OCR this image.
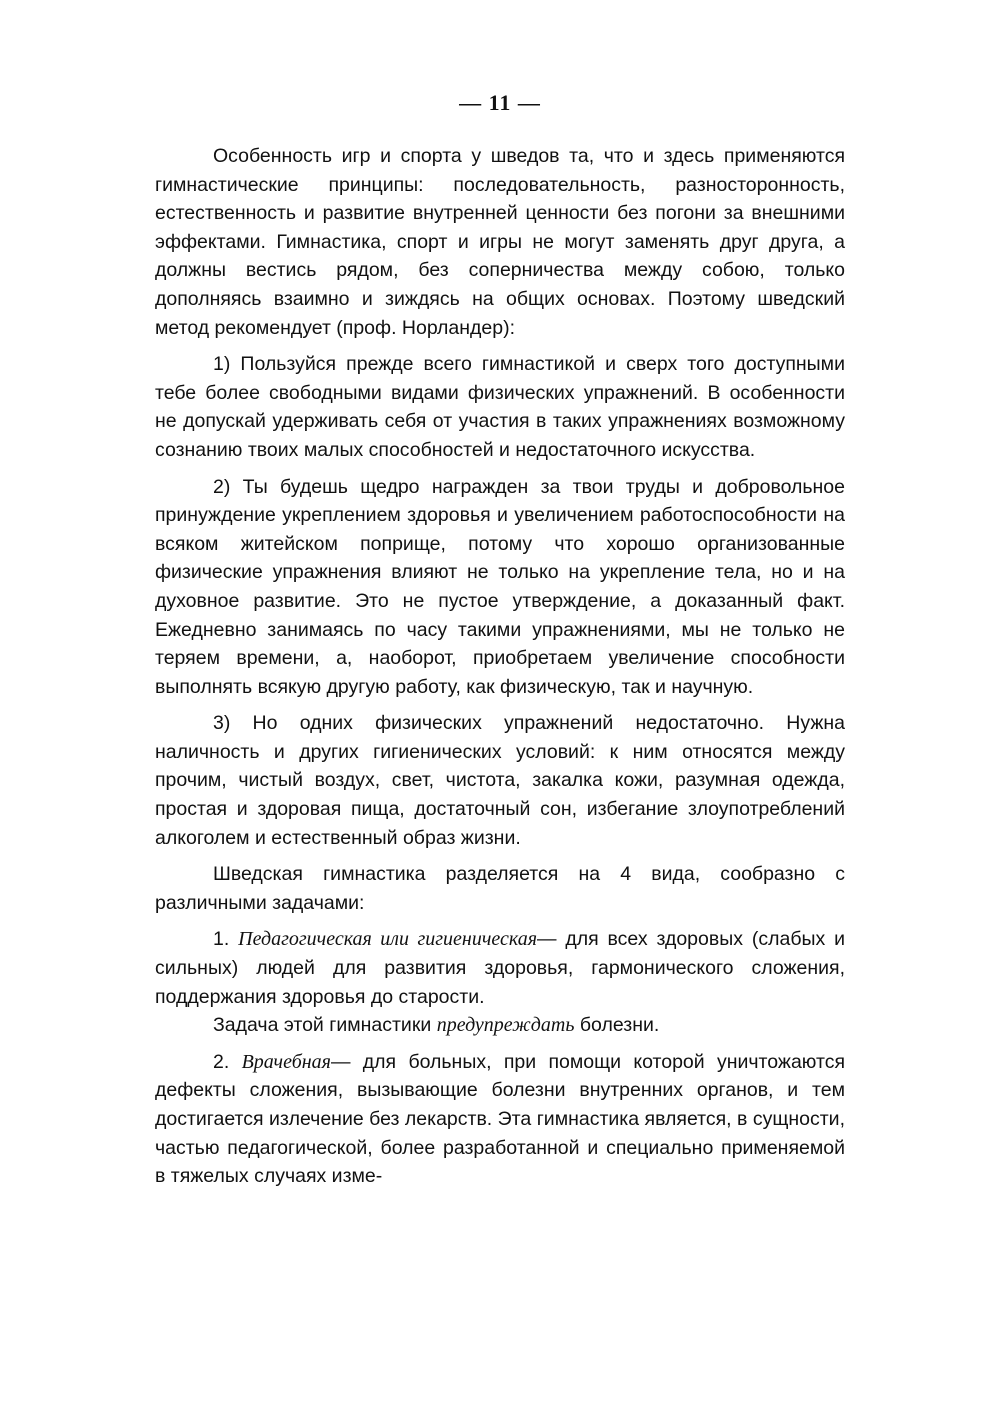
— 11 —

Особенность игр и спорта у шведов та, что и здесь применяются гимнастические принципы: последовательность, разносторонность, естественность и развитие внутренней ценности без погони за внешними эффектами. Гимнастика, спорт и игры не могут заменять друг друга, а должны вестись рядом, без соперничества между собою, только дополняясь взаимно и зиждясь на общих основах. Поэтому шведский метод рекомендует (проф. Норландер):

1) Пользуйся прежде всего гимнастикой и сверх того доступными тебе более свободными видами физических упражнений. В особенности не допускай удерживать себя от участия в таких упражнениях возможному сознанию твоих малых способностей и недостаточного искусства.

2) Ты будешь щедро награжден за твои труды и добровольное принуждение укреплением здоровья и увеличением работоспособности на всяком житейском поприще, потому что хорошо организованные физические упражнения влияют не только на укрепление тела, но и на духовное развитие. Это не пустое утверждение, а доказанный факт. Ежедневно занимаясь по часу такими упражнениями, мы не только не теряем времени, а, наоборот, приобретаем увеличение способности выполнять всякую другую работу, как физическую, так и научную.

3) Но одних физических упражнений недостаточно. Нужна наличность и других гигиенических условий: к ним относятся между прочим, чистый воздух, свет, чистота, закалка кожи, разумная одежда, простая и здоровая пища, достаточный сон, избегание злоупотреблений алкоголем и естественный образ жизни.

Шведская гимнастика разделяется на 4 вида, сообразно с различными задачами:

1. Педагогическая или гигиеническая— для всех здоровых (слабых и сильных) людей для развития здоровья, гармонического сложения, поддержания здоровья до старости.

Задача этой гимнастики предупреждать болезни.

2. Врачебная— для больных, при помощи которой уничтожаются дефекты сложения, вызывающие болезни внутренних органов, и тем достигается излечение без лекарств. Эта гимнастика является, в сущности, частью педагогической, более разработанной и специально применяемой в тяжелых случаях изме-
